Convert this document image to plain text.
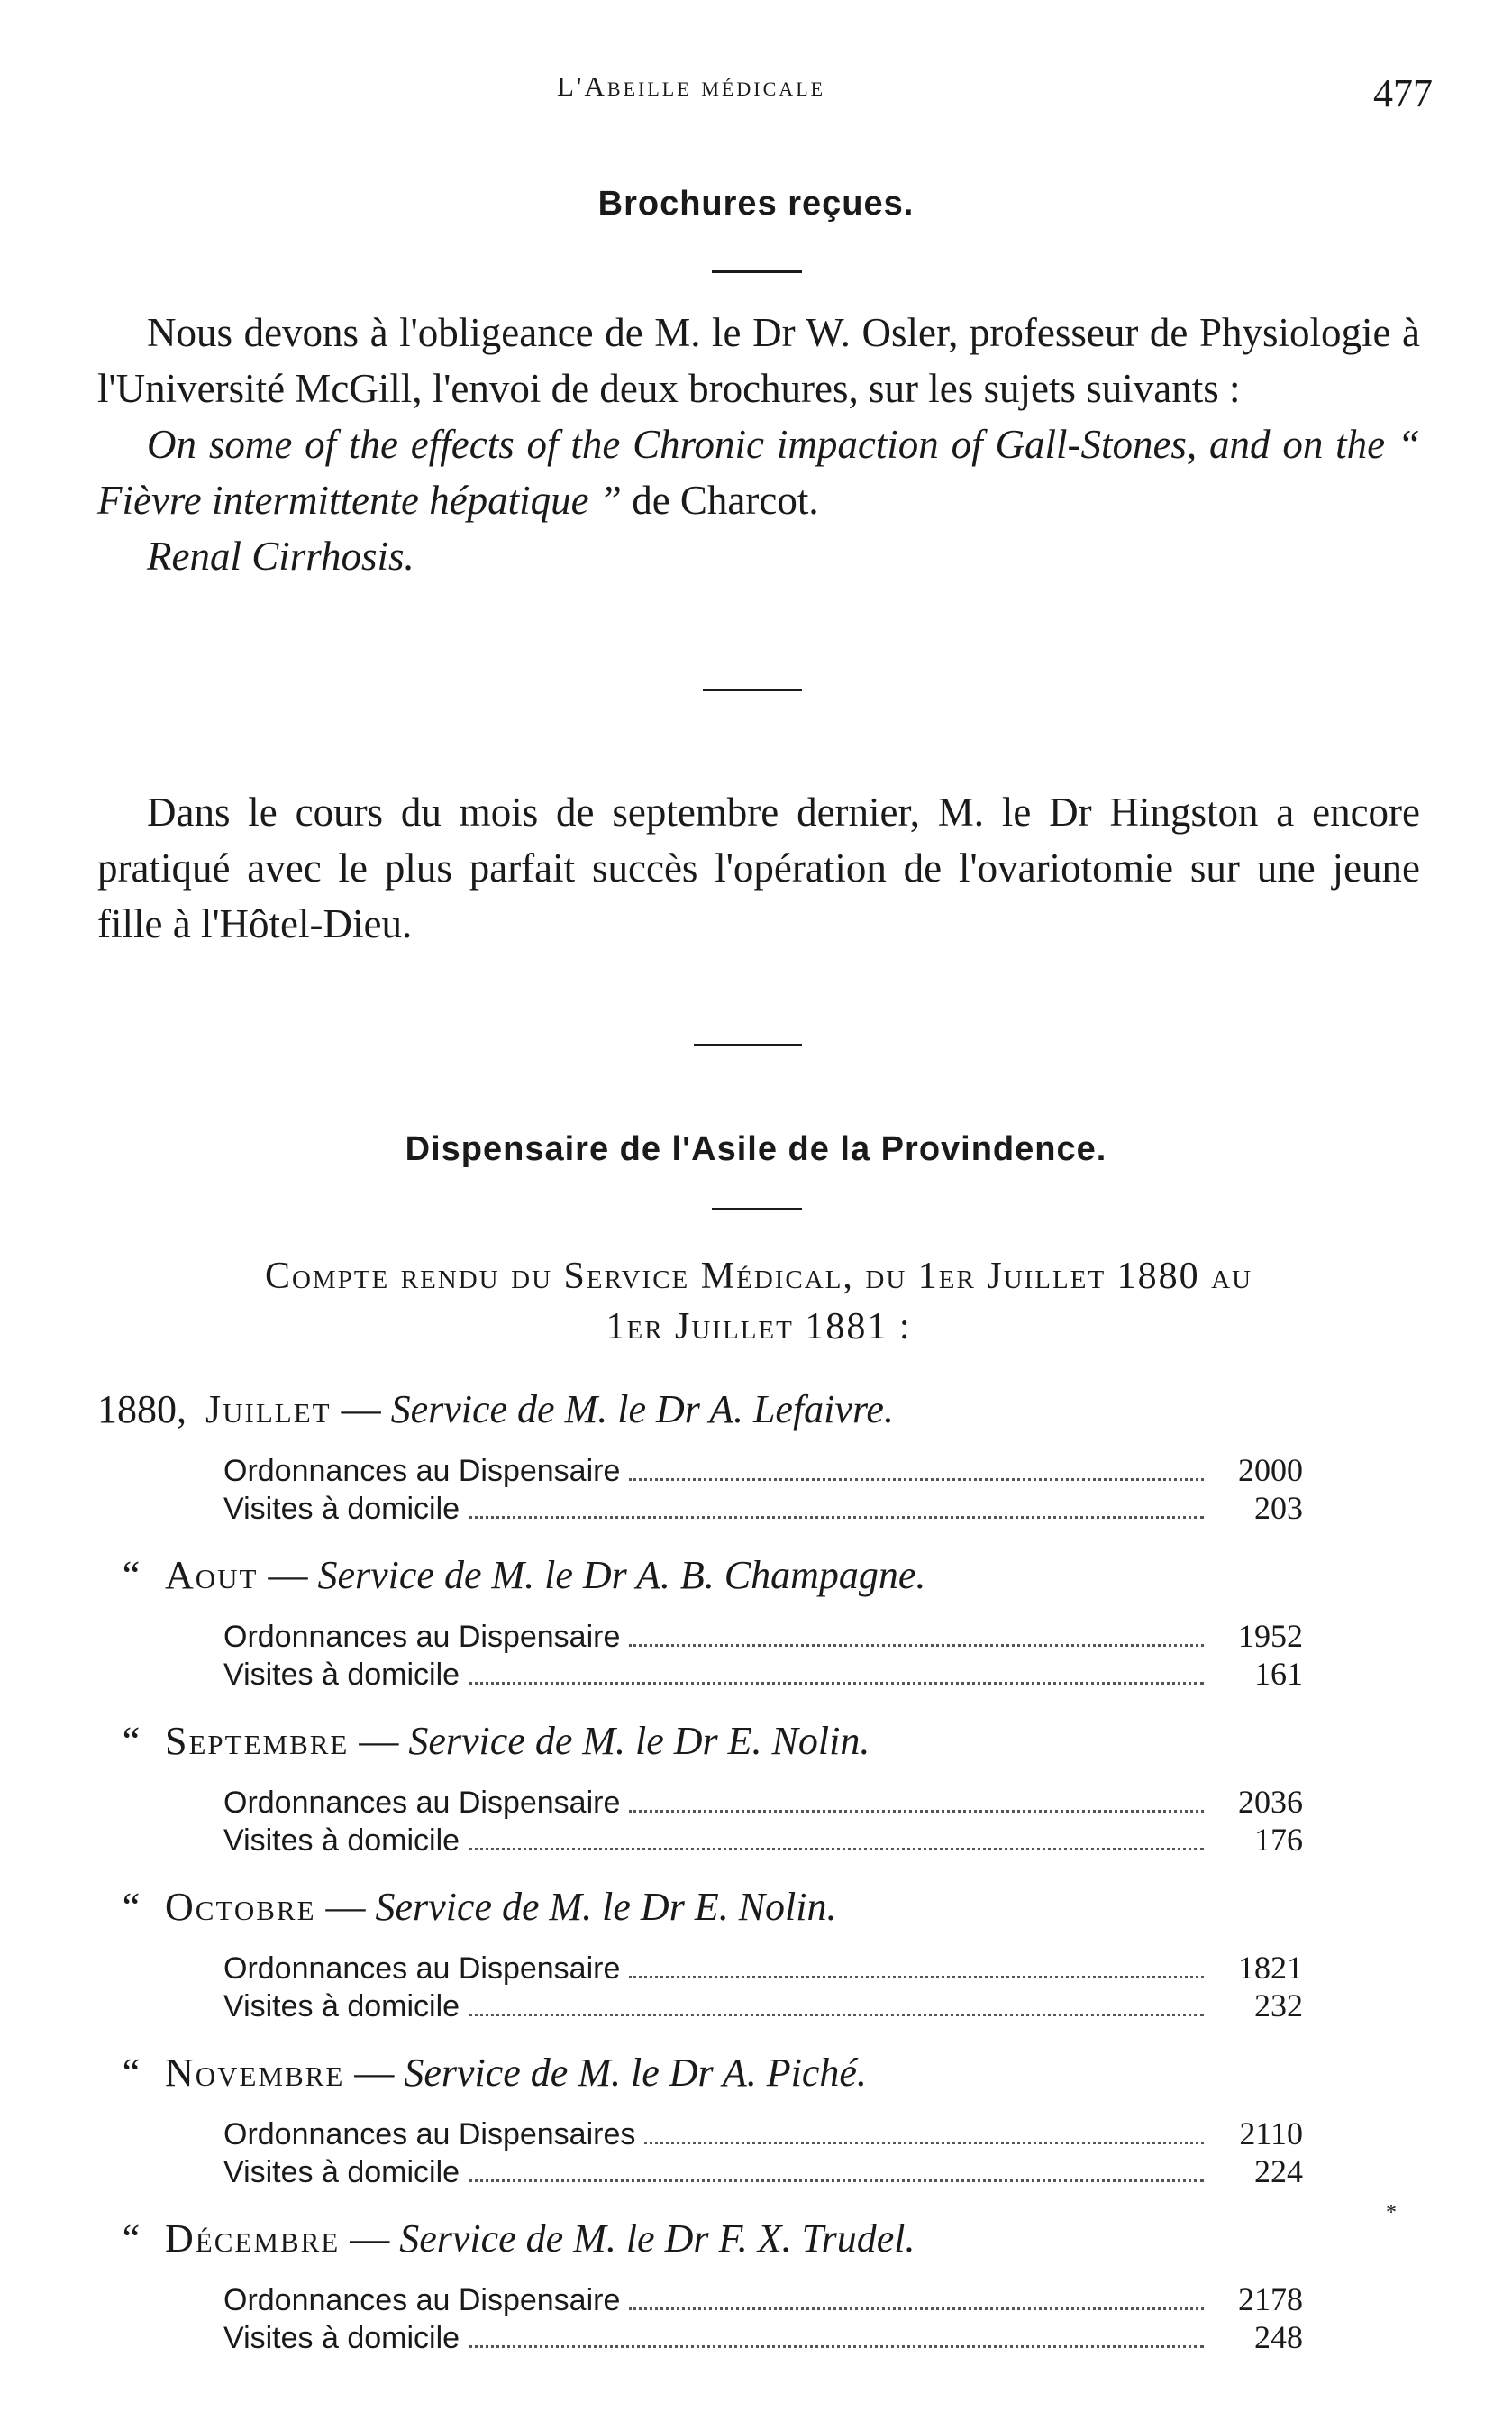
L'Abeille médicale	477
Brochures reçues.

Nous devons à l'obligeance de M. le Dr W. Osler, professeur de Physiologie à l'Université McGill, l'envoi de deux brochures, sur les sujets suivants :

On some of the effects of the Chronic impaction of Gall-Stones, and on the “ Fièvre intermittente hépatique ” de Charcot.

Renal Cirrhosis.

Dans le cours du mois de septembre dernier, M. le Dr Hingston a encore pratiqué avec le plus parfait succès l'opération de l'ovariotomie sur une jeune fille à l'Hôtel-Dieu.

Dispensaire de l'Asile de la Provindence.
Compte rendu du Service Médical, du 1er Juillet 1880 au
1er Juillet 1881 :
1880, Juillet — Service de M. le Dr A. Lefaivre.
Ordonnances au Dispensaire	2000
Visites à domicile	203
“ Aout — Service de M. le Dr A. B. Champagne.
Ordonnances au Dispensaire	1952
Visites à domicile	161
“ Septembre — Service de M. le Dr E. Nolin.
Ordonnances au Dispensaire	2036
Visites à domicile	176
“ Octobre — Service de M. le Dr E. Nolin.
Ordonnances au Dispensaire	1821
Visites à domicile	232
“ Novembre — Service de M. le Dr A. Piché.
Ordonnances au Dispensaires	2110
Visites à domicile	224
“ Décembre — Service de M. le Dr F. X. Trudel.
Ordonnances au Dispensaire	2178
Visites à domicile	248
*
